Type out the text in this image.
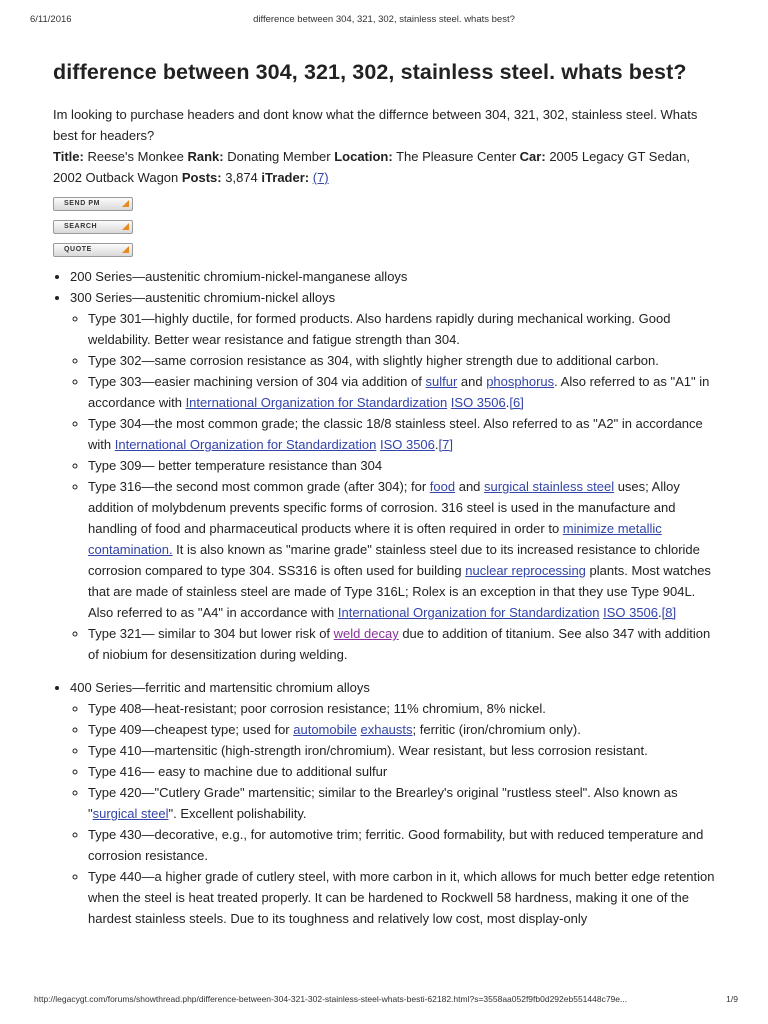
6/11/2016	difference between 304, 321, 302, stainless steel. whats best?
difference between 304, 321, 302, stainless steel. whats best?

Im looking to purchase headers and dont know what the differnce between 304, 321, 302, stainless steel. Whats best for headers?
Title: Reese's Monkee Rank: Donating Member Location: The Pleasure Center Car: 2005 Legacy GT Sedan, 2002 Outback Wagon Posts: 3,874 iTrader: (7)

SEND PM
SEARCH
QUOTE
• 200 Series—austenitic chromium-nickel-manganese alloys
• 300 Series—austenitic chromium-nickel alloys
◦ Type 301—highly ductile, for formed products. Also hardens rapidly during mechanical working. Good weldability. Better wear resistance and fatigue strength than 304.
◦ Type 302—same corrosion resistance as 304, with slightly higher strength due to additional carbon.
◦ Type 303—easier machining version of 304 via addition of sulfur and phosphorus. Also referred to as "A1" in accordance with International Organization for Standardization ISO 3506.[6]
◦ Type 304—the most common grade; the classic 18/8 stainless steel. Also referred to as "A2" in accordance with International Organization for Standardization ISO 3506.[7]
◦ Type 309— better temperature resistance than 304
◦ Type 316—the second most common grade (after 304); for food and surgical stainless steel uses; Alloy addition of molybdenum prevents specific forms of corrosion. 316 steel is used in the manufacture and handling of food and pharmaceutical products where it is often required in order to minimize metallic contamination. It is also known as "marine grade" stainless steel due to its increased resistance to chloride corrosion compared to type 304. SS316 is often used for building nuclear reprocessing plants. Most watches that are made of stainless steel are made of Type 316L; Rolex is an exception in that they use Type 904L. Also referred to as "A4" in accordance with International Organization for Standardization ISO 3506.[8]
◦ Type 321— similar to 304 but lower risk of weld decay due to addition of titanium. See also 347 with addition of niobium for desensitization during welding.
• 400 Series—ferritic and martensitic chromium alloys
◦ Type 408—heat-resistant; poor corrosion resistance; 11% chromium, 8% nickel.
◦ Type 409—cheapest type; used for automobile exhausts; ferritic (iron/chromium only).
◦ Type 410—martensitic (high-strength iron/chromium). Wear resistant, but less corrosion resistant.
◦ Type 416— easy to machine due to additional sulfur
◦ Type 420—"Cutlery Grade" martensitic; similar to the Brearley's original "rustless steel". Also known as "surgical steel". Excellent polishability.
◦ Type 430—decorative, e.g., for automotive trim; ferritic. Good formability, but with reduced temperature and corrosion resistance.
◦ Type 440—a higher grade of cutlery steel, with more carbon in it, which allows for much better edge retention when the steel is heat treated properly. It can be hardened to Rockwell 58 hardness, making it one of the hardest stainless steels. Due to its toughness and relatively low cost, most display-only
http://legacygt.com/forums/showthread.php/difference-between-304-321-302-stainless-steel-whats-besti-62182.html?s=3558aa052f9fb0d292eb551448c79e...	1/9
